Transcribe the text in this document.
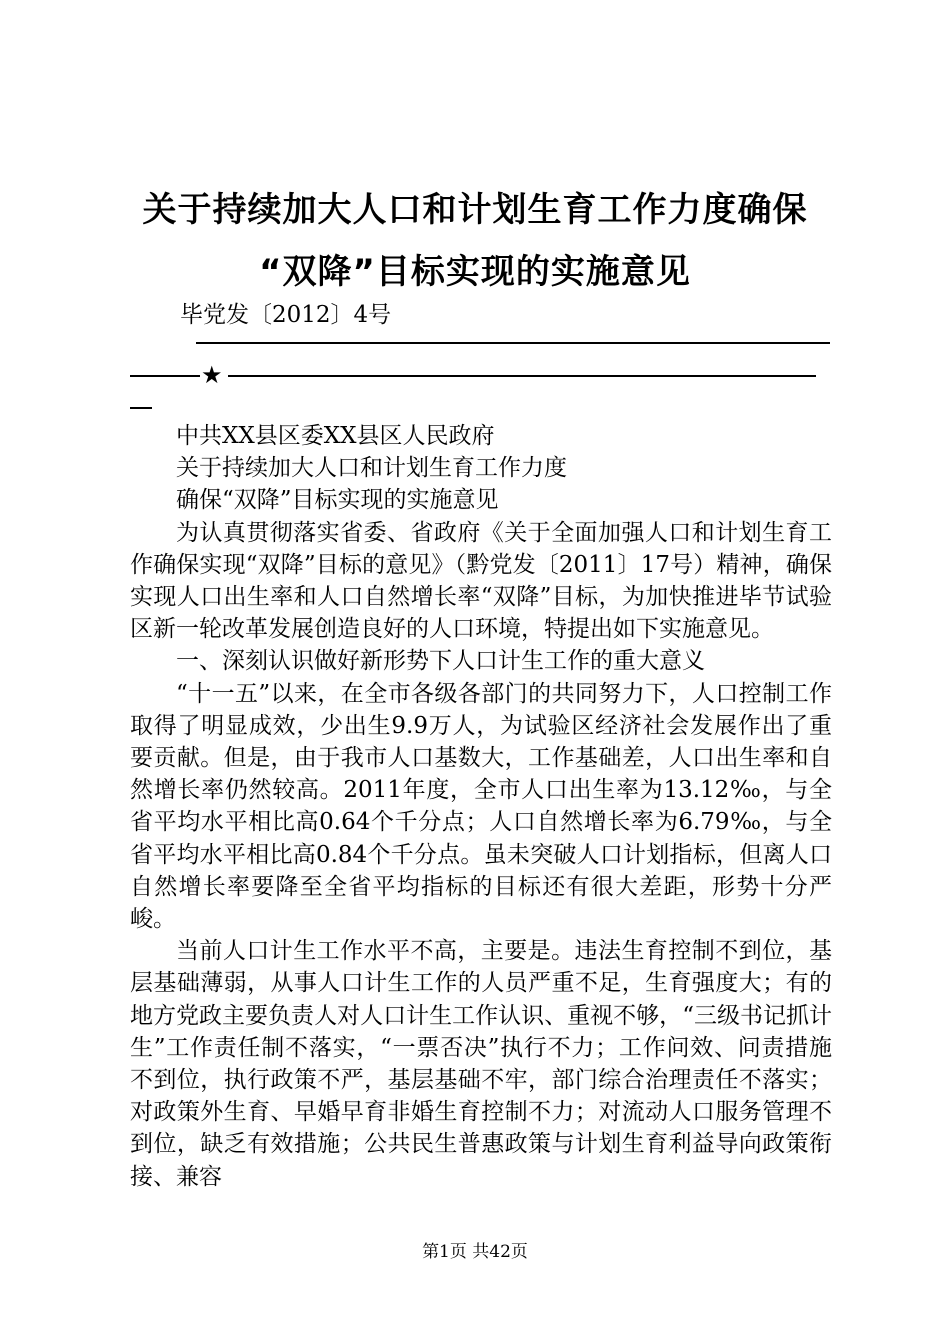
关于持续加大人口和计划生育工作力度确保
“双降”目标实现的实施意见
毕党发〔2012〕4号
★

中共XX县区委XX县区人民政府

关于持续加大人口和计划生育工作力度

确保“双降”目标实现的实施意见

为认真贯彻落实省委、省政府《关于全面加强人口和计划生育工作确保实现“双降”目标的意见》（黔党发〔2011〕17号）精神，确保实现人口出生率和人口自然增长率“双降”目标，为加快推进毕节试验区新一轮改革发展创造良好的人口环境，特提出如下实施意见。

一、深刻认识做好新形势下人口计生工作的重大意义

“十一五”以来，在全市各级各部门的共同努力下，人口控制工作取得了明显成效，少出生9.9万人，为试验区经济社会发展作出了重要贡献。但是，由于我市人口基数大，工作基础差，人口出生率和自然增长率仍然较高。2011年度，全市人口出生率为13.12‰，与全省平均水平相比高0.64个千分点；人口自然增长率为6.79‰，与全省平均水平相比高0.84个千分点。虽未突破人口计划指标，但离人口自然增长率要降至全省平均指标的目标还有很大差距，形势十分严峻。

当前人口计生工作水平不高，主要是。违法生育控制不到位，基层基础薄弱，从事人口计生工作的人员严重不足，生育强度大；有的地方党政主要负责人对人口计生工作认识、重视不够，“三级书记抓计生”工作责任制不落实，“一票否决”执行不力；工作问效、问责措施不到位，执行政策不严，基层基础不牢，部门综合治理责任不落实；对政策外生育、早婚早育非婚生育控制不力；对流动人口服务管理不到位，缺乏有效措施；公共民生普惠政策与计划生育利益导向政策衔接、兼容

第1页 共42页
